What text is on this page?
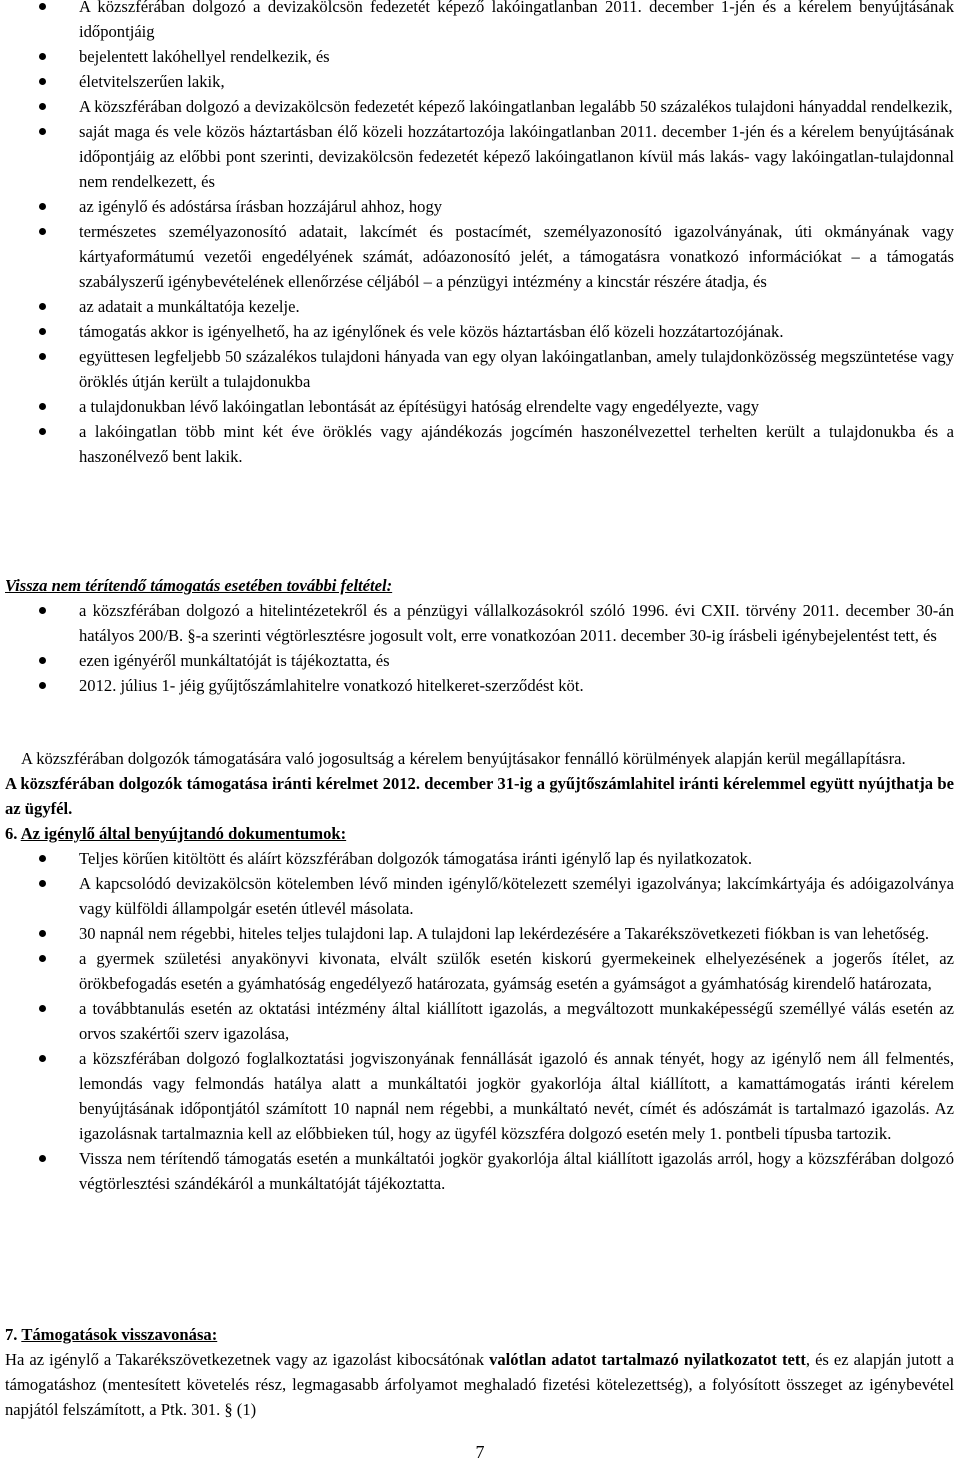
A közszférában dolgozó a devizakölcsön fedezetét képező lakóingatlanban 2011. december 1-jén és a kérelem benyújtásának időpontjáig
bejelentett lakóhellyel rendelkezik, és
életvitelszerűen lakik,
A közszférában dolgozó a devizakölcsön fedezetét képező lakóingatlanban legalább 50 százalékos tulajdoni hányaddal rendelkezik,
saját maga és vele közös háztartásban élő közeli hozzátartozója lakóingatlanban 2011. december 1-jén és a kérelem benyújtásának időpontjáig az előbbi pont szerinti, devizakölcsön fedezetét képező lakóingatlanon kívül más lakás- vagy lakóingatlan-tulajdonnal nem rendelkezett, és
az igénylő és adóstársa írásban hozzájárul ahhoz, hogy
természetes személyazonosító adatait, lakcímét és postacímét, személyazonosító igazolványának, úti okmányának vagy kártyaformátumú vezetői engedélyének számát, adóazonosító jelét, a támogatásra vonatkozó információkat – a támogatás szabályszerű igénybevételének ellenőrzése céljából – a pénzügyi intézmény a kincstár részére átadja, és
az adatait a munkáltatója kezelje.
támogatás akkor is igényelhető, ha az igénylőnek és vele közös háztartásban élő közeli hozzátartozójának.
együttesen legfeljebb 50 százalékos tulajdoni hányada van egy olyan lakóingatlanban, amely tulajdonközösség megszüntetése vagy öröklés útján került a tulajdonukba
a tulajdonukban lévő lakóingatlan lebontását az építésügyi hatóság elrendelte vagy engedélyezte, vagy
a lakóingatlan több mint két éve öröklés vagy ajándékozás jogcímén haszonélvezettel terhelten került a tulajdonukba és a haszonélvező bent lakik.
Vissza nem térítendő támogatás esetében további feltétel:
a közszférában dolgozó a hitelintézetekről és a pénzügyi vállalkozásokról szóló 1996. évi CXII. törvény 2011. december 30-án hatályos 200/B. §-a szerinti végtörlesztésre jogosult volt, erre vonatkozóan 2011. december 30-ig írásbeli igénybejelentést tett, és
ezen igényéről munkáltatóját is tájékoztatta, és
2012. július 1- jéig gyűjtőszámlahitelre vonatkozó hitelkeret-szerződést köt.
A közszférában dolgozók támogatására való jogosultság a kérelem benyújtásakor fennálló körülmények alapján kerül megállapításra.
A közszférában dolgozók támogatása iránti kérelmet 2012. december 31-ig a gyűjtőszámlahitel iránti kérelemmel együtt nyújthatja be az ügyfél.
6. Az igénylő által benyújtandó dokumentumok:
Teljes körűen kitöltött és aláírt közszférában dolgozók támogatása iránti igénylő lap és nyilatkozatok.
A kapcsolódó devizakölcsön kötelemben lévő minden igénylő/kötelezett személyi igazolványa; lakcímkártyája és adóigazolványa vagy külföldi állampolgár esetén útlevél másolata.
30 napnál nem régebbi, hiteles teljes tulajdoni lap. A tulajdoni lap lekérdezésére a Takarékszövetkezeti fiókban is van lehetőség.
a gyermek születési anyakönyvi kivonata, elvált szülők esetén kiskorú gyermekeinek elhelyezésének a jogerős ítélet, az örökbefogadás esetén a gyámhatóság engedélyező határozata, gyámság esetén a gyámságot a gyámhatóság kirendelő határozata,
a továbbtanulás esetén az oktatási intézmény által kiállított igazolás, a megváltozott munkaképességű személlyé válás esetén az orvos szakértői szerv igazolása,
a közszférában dolgozó foglalkoztatási jogviszonyának fennállását igazoló és annak tényét, hogy az igénylő nem áll felmentés, lemondás vagy felmondás hatálya alatt a munkáltatói jogkör gyakorlója által kiállított, a kamattámogatás iránti kérelem benyújtásának időpontjától számított 10 napnál nem régebbi, a munkáltató nevét, címét és adószámát is tartalmazó igazolás. Az igazolásnak tartalmaznia kell az előbbieken túl, hogy az ügyfél közszféra dolgozó esetén mely 1. pontbeli típusba tartozik.
Vissza nem térítendő támogatás esetén a munkáltatói jogkör gyakorlója által kiállított igazolás arról, hogy a közszférában dolgozó végtörlesztési szándékáról a munkáltatóját tájékoztatta.
7. Támogatások visszavonása:
Ha az igénylő a Takarékszövetkezetnek vagy az igazolást kibocsátónak valótlan adatot tartalmazó nyilatkozatot tett, és ez alapján jutott a támogatáshoz (mentesített követelés rész, legmagasabb árfolyamot meghaladó fizetési kötelezettség), a folyósított összeget az igénybevétel napjától felszámított, a Ptk. 301. § (1)
7
